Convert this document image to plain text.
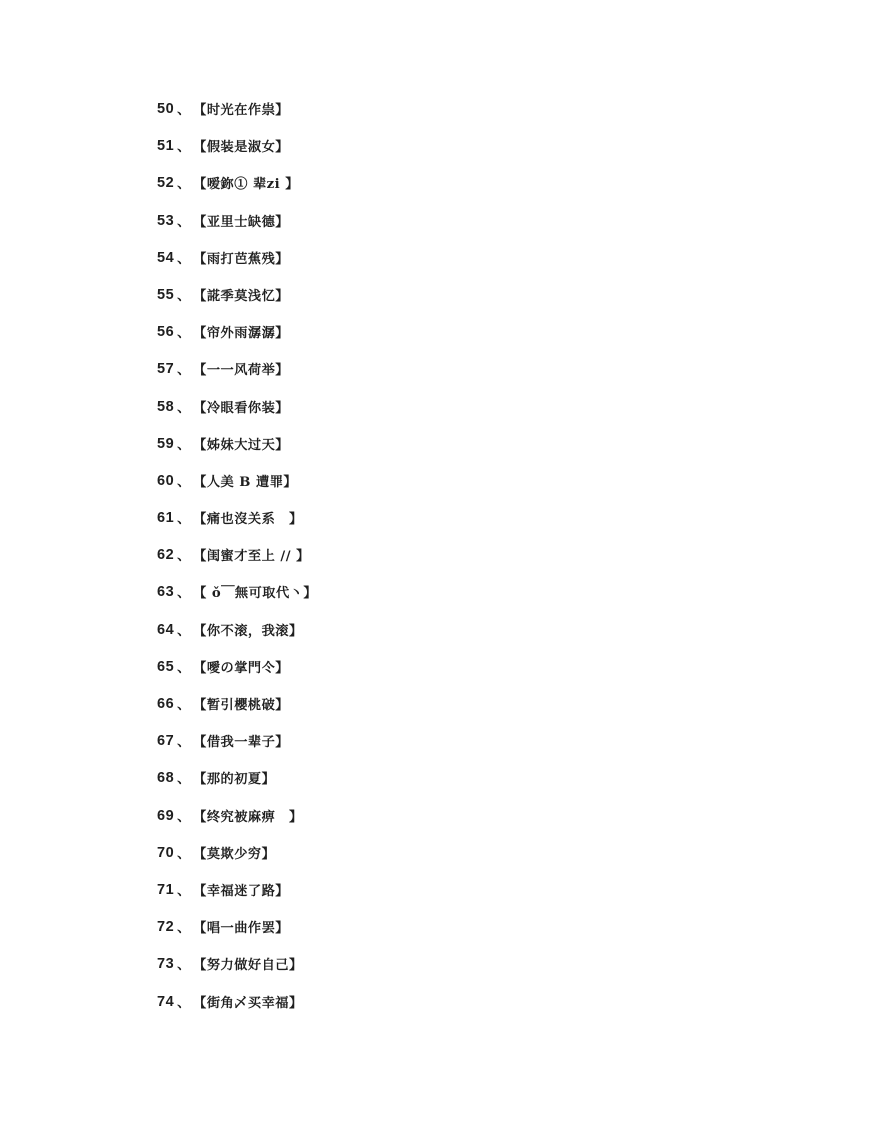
50 、 【时光在作祟】
51 、 【假装是淑女】
52 、 【嗳鉨① 辈zi 】
53 、 【亚里士缺德】
54 、 【雨打芭蕉残】
55 、 【誮季莫浅忆】
56 、 【帘外雨潺潺】
57 、 【一一风荷举】
58 、 【冷眼看你装】
59 、 【姊妹大过天】
60 、 【人美 B 遭罪】
61 、 【痛也沒关系　】
62 、 【闺蜜才至上 // 】
63 、 【 ǒ￣無可取代丶】
64 、 【你不滚，我滚】
65 、 【噯の掌門仒】
66 、 【暂引櫻桃破】
67 、 【借我一辈子】
68 、 【那的初夏】
69 、 【终究被麻痹　】
70 、 【莫欺少穷】
71 、 【幸福迷了路】
72 、 【唱一曲作罢】
73 、 【努力做好自己】
74 、 【街角乄买幸福】
